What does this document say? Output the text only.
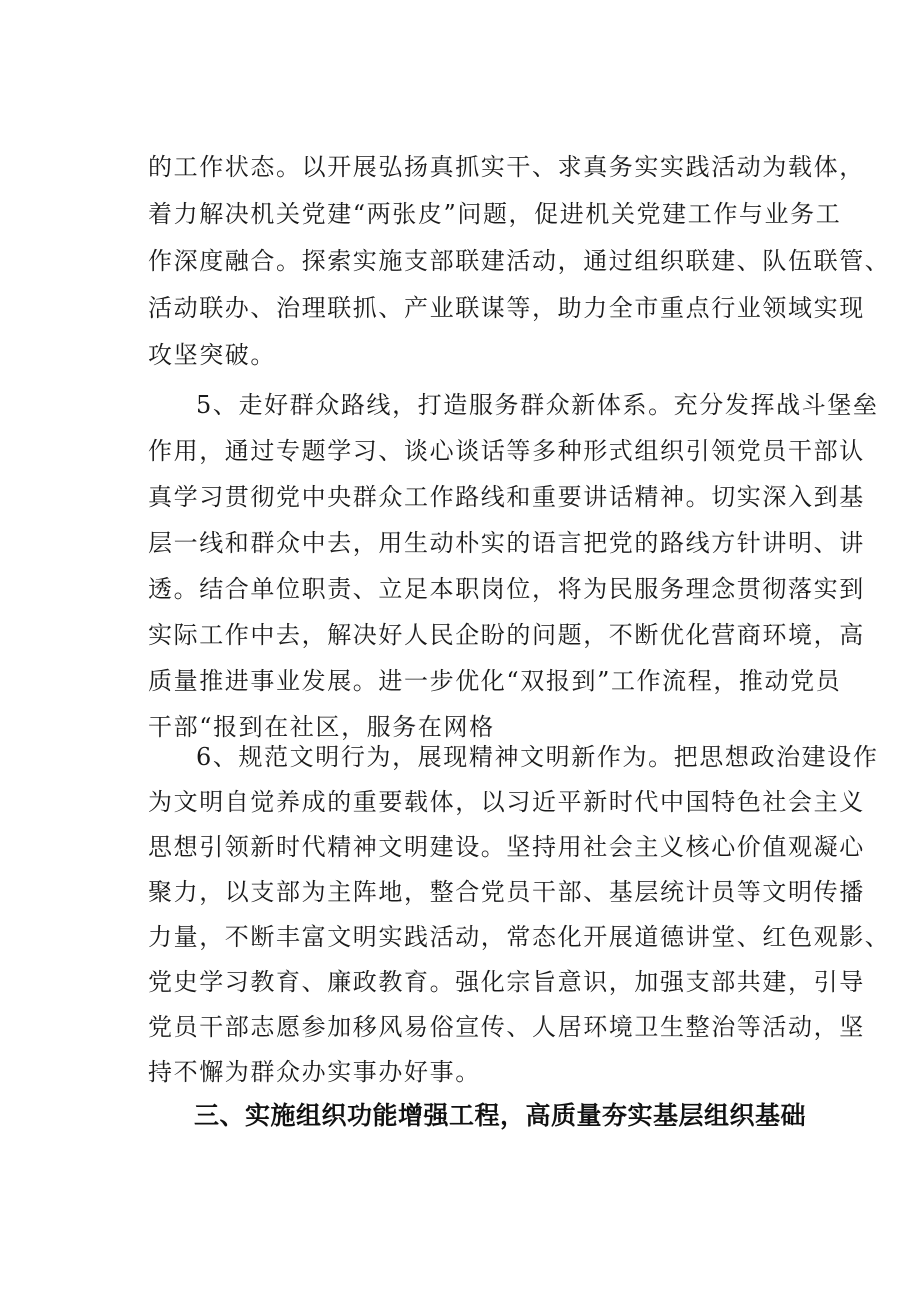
的工作状态。以开展弘扬真抓实干、求真务实实践活动为载体，
着力解决机关党建“两张皮”问题，促进机关党建工作与业务工
作深度融合。探索实施支部联建活动，通过组织联建、队伍联管、
活动联办、治理联抓、产业联谋等，助力全市重点行业领域实现
攻坚突破。
5、走好群众路线，打造服务群众新体系。充分发挥战斗堡垒
作用，通过专题学习、谈心谈话等多种形式组织引领党员干部认
真学习贯彻党中央群众工作路线和重要讲话精神。切实深入到基
层一线和群众中去，用生动朴实的语言把党的路线方针讲明、讲
透。结合单位职责、立足本职岗位，将为民服务理念贯彻落实到
实际工作中去，解决好人民企盼的问题，不断优化营商环境，高
质量推进事业发展。进一步优化“双报到”工作流程，推动党员
干部“报到在社区，服务在网格
6、规范文明行为，展现精神文明新作为。把思想政治建设作
为文明自觉养成的重要载体，以习近平新时代中国特色社会主义
思想引领新时代精神文明建设。坚持用社会主义核心价值观凝心
聚力，以支部为主阵地，整合党员干部、基层统计员等文明传播
力量，不断丰富文明实践活动，常态化开展道德讲堂、红色观影、
党史学习教育、廉政教育。强化宗旨意识，加强支部共建，引导
党员干部志愿参加移风易俗宣传、人居环境卫生整治等活动，坚
三、实施组织功能增强工程，高质量夯实基层组织基础
持不懈为群众办实事办好事。
